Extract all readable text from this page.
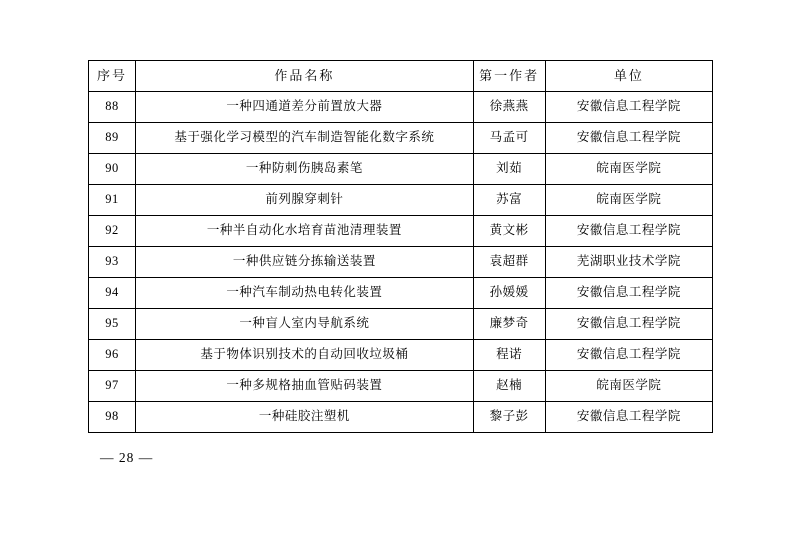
序号	作品名称	第一作者	单位
88	一种四通道差分前置放大器	徐燕燕	安徽信息工程学院
89	基于强化学习模型的汽车制造智能化数字系统	马孟可	安徽信息工程学院
90	一种防刺伤胰岛素笔	刘茹	皖南医学院
91	前列腺穿刺针	苏富	皖南医学院
92	一种半自动化水培育苗池清理装置	黄文彬	安徽信息工程学院
93	一种供应链分拣输送装置	袁超群	芜湖职业技术学院
94	一种汽车制动热电转化装置	孙媛媛	安徽信息工程学院
95	一种盲人室内导航系统	廉梦奇	安徽信息工程学院
96	基于物体识别技术的自动回收垃圾桶	程诺	安徽信息工程学院
97	一种多规格抽血管贴码装置	赵楠	皖南医学院
98	一种硅胶注塑机	黎子彭	安徽信息工程学院
— 28 —
